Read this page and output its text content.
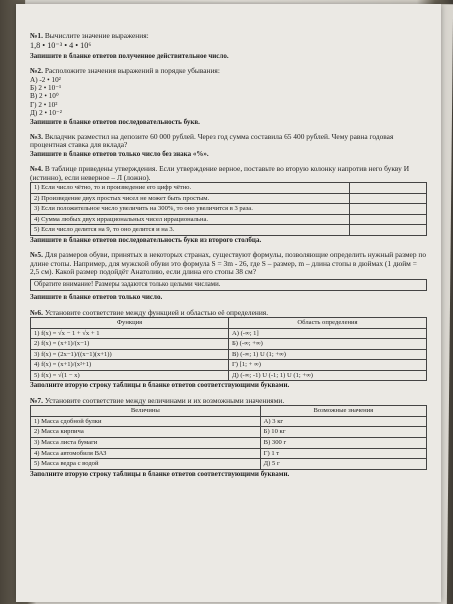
№1. Вычислите значение выражения:
1,8 • 10⁻³ • 4 • 10⁶
Запишите в бланке ответов полученное действительное число.
№2. Расположите значения выражений в порядке убывания:
А) -2 • 10²
Б) 2 • 10⁻¹
В) 2 • 10⁰
Г) 2 • 10²
Д) 2 • 10⁻²
Запишите в бланке ответов последовательность букв.
№3. Вкладчик разместил на депозите 60 000 рублей. Через год сумма составила 65 400 рублей. Чему равна годовая процентная ставка для вклада?
Запишите в бланке ответов только число без знака «%».
№4. В таблице приведены утверждения. Если утверждение верное, поставьте во вторую колонку напротив него букву И (истинно), если неверное – Л (ложно).
1) Если число чётно, то и произведение его цифр чётно.	
2) Произведение двух простых чисел не может быть простым.	
3) Если положительное число увеличить на 300%, то оно увеличится в 3 раза.	
4) Сумма любых двух иррациональных чисел иррациональна.	
5) Если число делится на 9, то оно делится и на 3.	
Запишите в бланке ответов последовательность букв из второго столбца.
№5. Для размеров обуви, принятых в некоторых странах, существуют формулы, позволяющие определить нужный размер по длине стопы. Например, для мужской обуви это формула S = 3m - 26, где S – размер, m – длина стопы в дюймах (1 дюйм = 2,5 см). Какой размер подойдёт Анатолию, если длина его стопы 38 см?
Обратите внимание! Размеры задаются только целыми числами.
Запишите в бланке ответов только число.
№6. Установите соответствие между функцией и областью её определения.
Функция	Область определения
1) f(x) = √x − 1 + √x + 1	А) (-∞; 1]
2) f(x) = (x+1)/(x−1)	Б) (-∞; +∞)
3) f(x) = (2x−1)/((x−1)(x+1))	В) (-∞; 1) U (1; +∞)
4) f(x) = (x+1)/(x²+1)	Г) [1; + ∞)
5) f(x) = √(1 − x)	Д) (-∞; -1) U (-1; 1) U (1; +∞)
Заполните вторую строку таблицы в бланке ответов соответствующими буквами.
№7. Установите соответствие между величинами и их возможными значениями.
Величины	Возможные значения
1) Масса сдобной булки	А) 3 кг
2) Масса кирпича	Б) 10 кг
3) Масса листа бумаги	В) 300 г
4) Масса автомобиля ВАЗ	Г) 1 т
5) Масса ведра с водой	Д) 5 г
Заполните вторую строку таблицы в бланке ответов соответствующими буквами.
